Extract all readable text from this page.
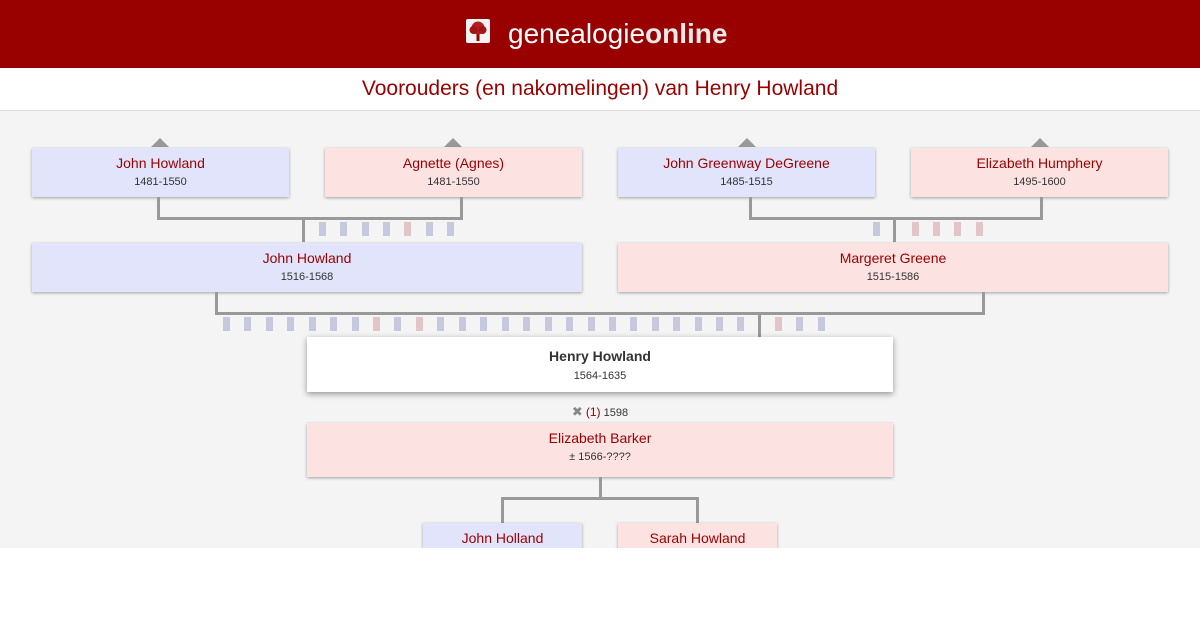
genealogieonline
Voorouders (en nakomelingen) van Henry Howland
John Howland
1481-1550
Agnette (Agnes)
1481-1550
John Greenway DeGreene
1485-1515
Elizabeth Humphery
1495-1600
John Howland
1516-1568
Margeret Greene
1515-1586
Henry Howland
1564-1635
✖ (1) 1598
Elizabeth Barker
± 1566-????
John Holland	Sarah Howland
